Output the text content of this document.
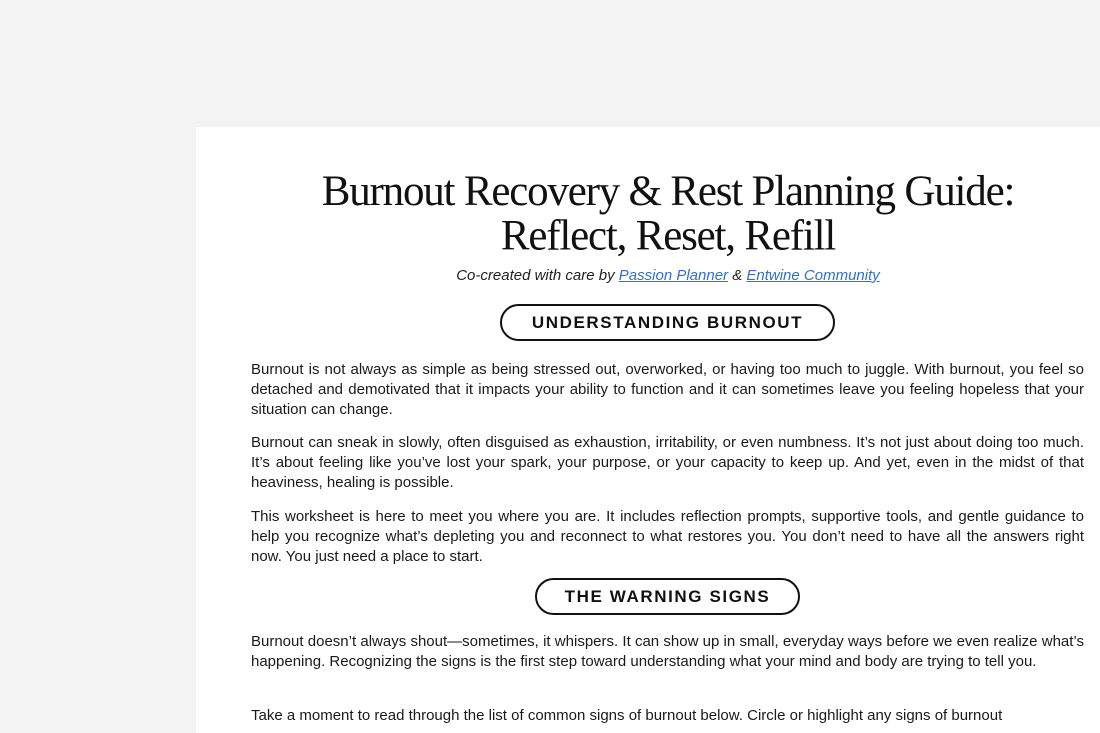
Burnout Recovery & Rest Planning Guide:
Reflect, Reset, Refill
Co-created with care by Passion Planner & Entwine Community
UNDERSTANDING BURNOUT

Burnout is not always as simple as being stressed out, overworked, or having too much to juggle. With burnout, you feel so detached and demotivated that it impacts your ability to function and it can sometimes leave you feeling hopeless that your situation can change.

Burnout can sneak in slowly, often disguised as exhaustion, irritability, or even numbness. It’s not just about doing too much. It’s about feeling like you’ve lost your spark, your purpose, or your capacity to keep up. And yet, even in the midst of that heaviness, healing is possible.

This worksheet is here to meet you where you are. It includes reflection prompts, supportive tools, and gentle guidance to help you recognize what’s depleting you and reconnect to what restores you. You don’t need to have all the answers right now. You just need a place to start.

THE WARNING SIGNS

Burnout doesn’t always shout—sometimes, it whispers. It can show up in small, everyday ways before we even realize what’s happening. Recognizing the signs is the first step toward understanding what your mind and body are trying to tell you.

Take a moment to read through the list of common signs of burnout below. Circle or highlight any signs of burnout
